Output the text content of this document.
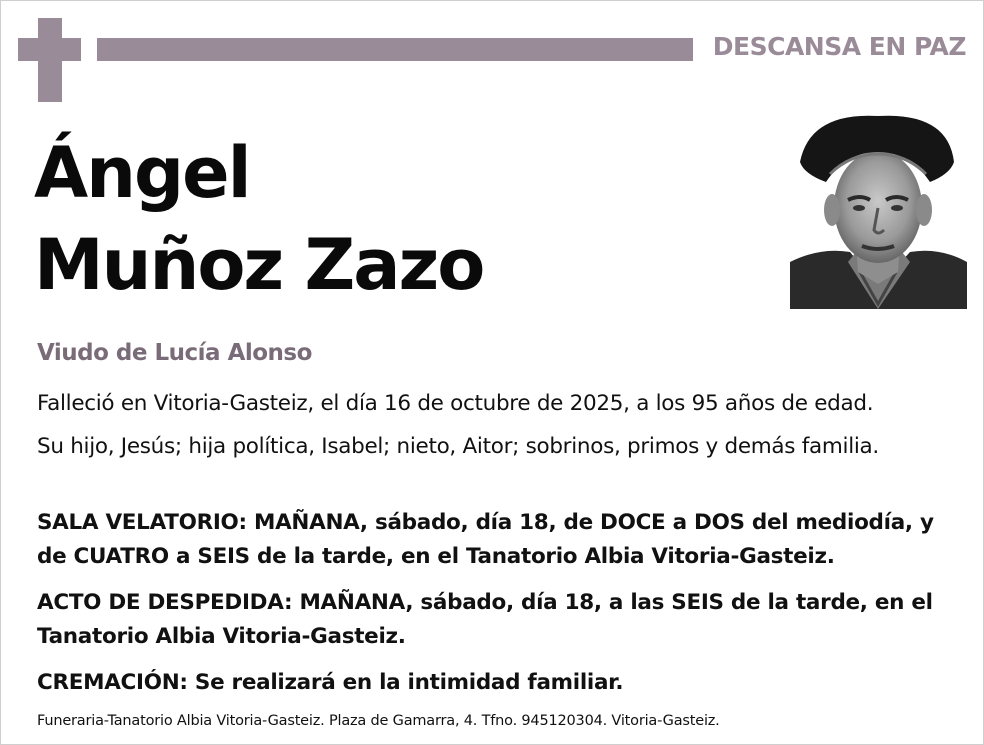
DESCANSA EN PAZ
Ángel
Muñoz Zazo
Viudo de Lucía Alonso
Falleció en Vitoria-Gasteiz, el día 16 de octubre de 2025, a los 95 años de edad.
Su hijo, Jesús; hija política, Isabel; nieto, Aitor; sobrinos, primos y demás familia.
SALA VELATORIO: MAÑANA, sábado, día 18, de DOCE a DOS del mediodía, y de CUATRO a SEIS de la tarde, en el Tanatorio Albia Vitoria-Gasteiz.
ACTO DE DESPEDIDA: MAÑANA, sábado, día 18, a las SEIS de la tarde, en el Tanatorio Albia Vitoria-Gasteiz.
CREMACIÓN: Se realizará en la intimidad familiar.
Funeraria-Tanatorio Albia Vitoria-Gasteiz. Plaza de Gamarra, 4. Tfno. 945120304. Vitoria-Gasteiz.
